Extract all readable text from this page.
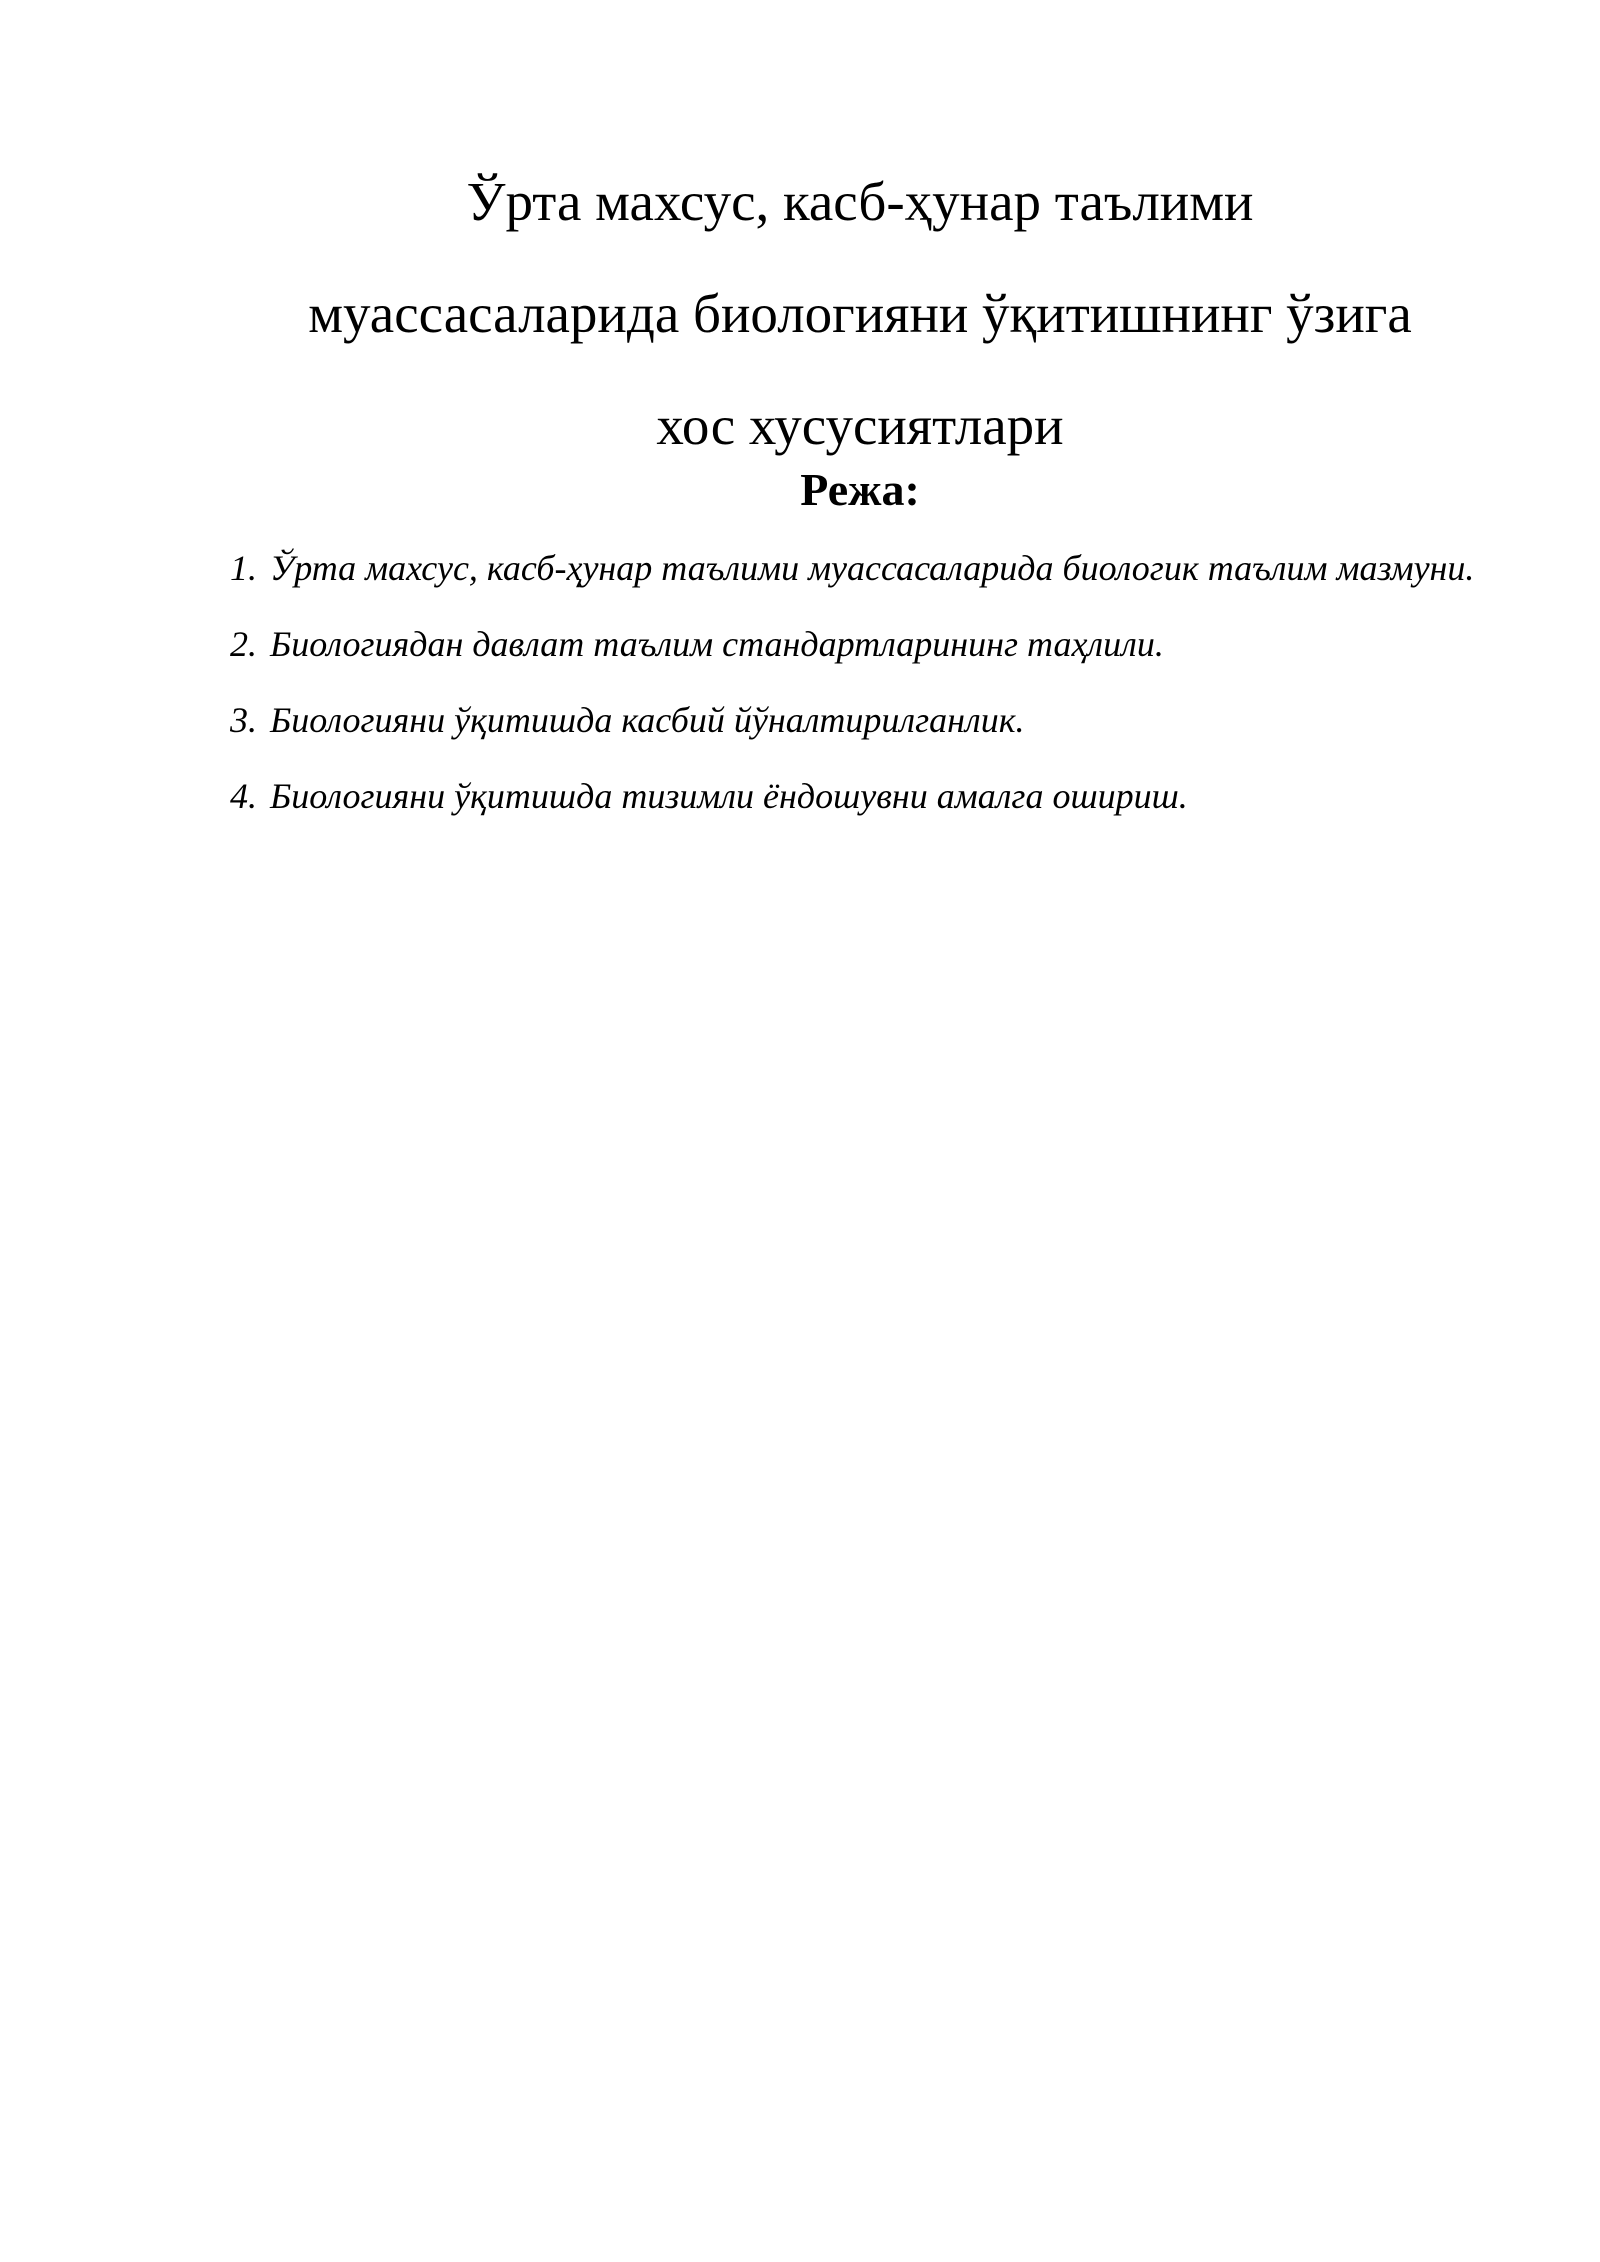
Ўрта махсус, касб-ҳунар таълими
муассасаларида биологияни ўқитишнинг ўзига
хос хусусиятлари
Режа:
1. Ўрта махсус, касб-ҳунар таълими муассасаларида биологик таълим мазмуни.
2. Биологиядан давлат таълим стандартларининг таҳлили.
3. Биологияни ўқитишда касбий йўналтирилганлик.
4. Биологияни ўқитишда тизимли ёндошувни амалга ошириш.
